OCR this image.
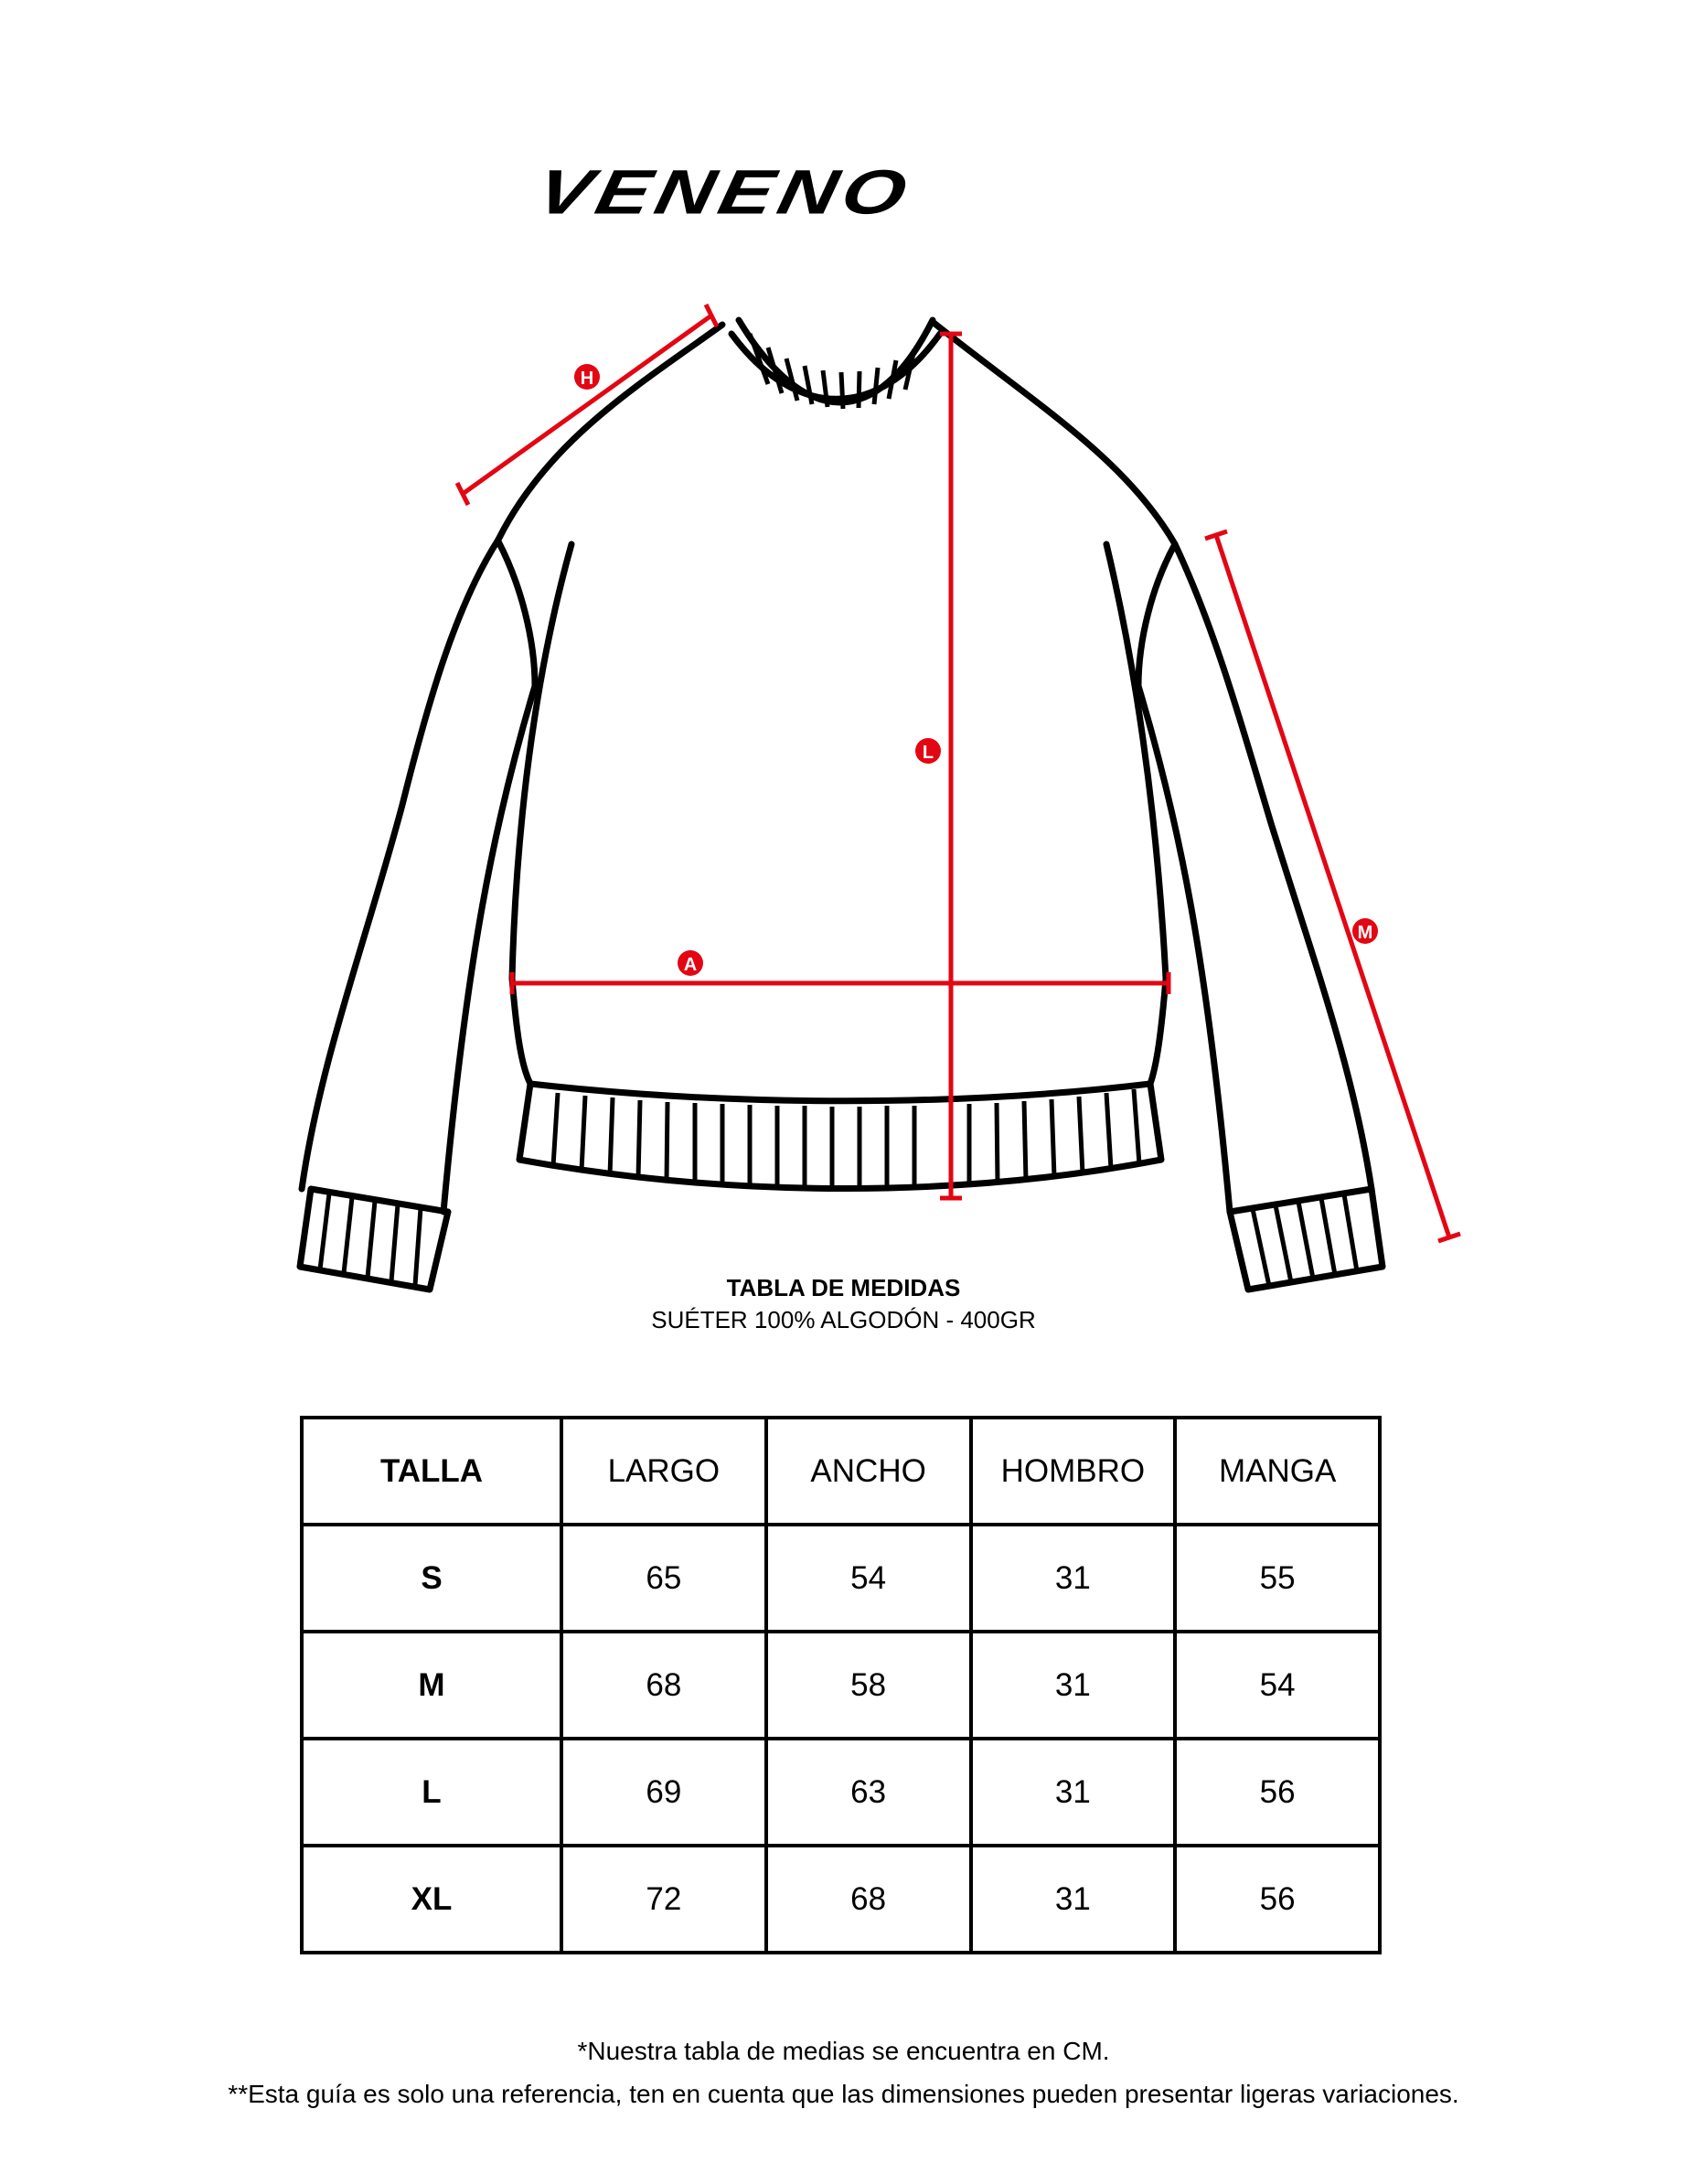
VENENO
H
L
A
M
TABLA DE MEDIDAS
SUÉTER 100% ALGODÓN - 400GR
TALLA	LARGO	ANCHO	HOMBRO	MANGA
S	65	54	31	55
M	68	58	31	54
L	69	63	31	56
XL	72	68	31	56
*Nuestra tabla de medias se encuentra en CM.
**Esta guía es solo una referencia, ten en cuenta que las dimensiones pueden presentar ligeras variaciones.
